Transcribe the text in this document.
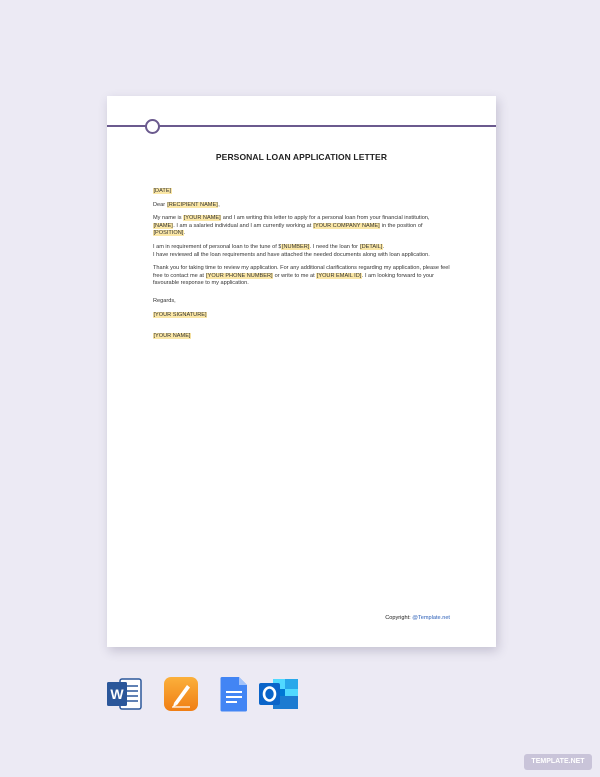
PERSONAL LOAN APPLICATION LETTER

[DATE]

Dear [RECIPIENT NAME],

My name is [YOUR NAME] and I am writing this letter to apply for a personal loan from your financial institution, [NAME]. I am a salaried individual and I am currently working at [YOUR COMPANY NAME] in the position of [POSITION].

I am in requirement of personal loan to the tune of $[NUMBER]. I need the loan for [DETAIL].
I have reviewed all the loan requirements and have attached the needed documents along with loan application.

Thank you for taking time to review my application. For any additional clarifications regarding my application, please feel free to contact me at [YOUR PHONE NUMBER] or write to me at [YOUR EMAIL ID]. I am looking forward to your favourable response to my application.

Regards,

[YOUR SIGNATURE]

[YOUR NAME]

Copyright: @Template.net
W
TEMPLATE.NET
